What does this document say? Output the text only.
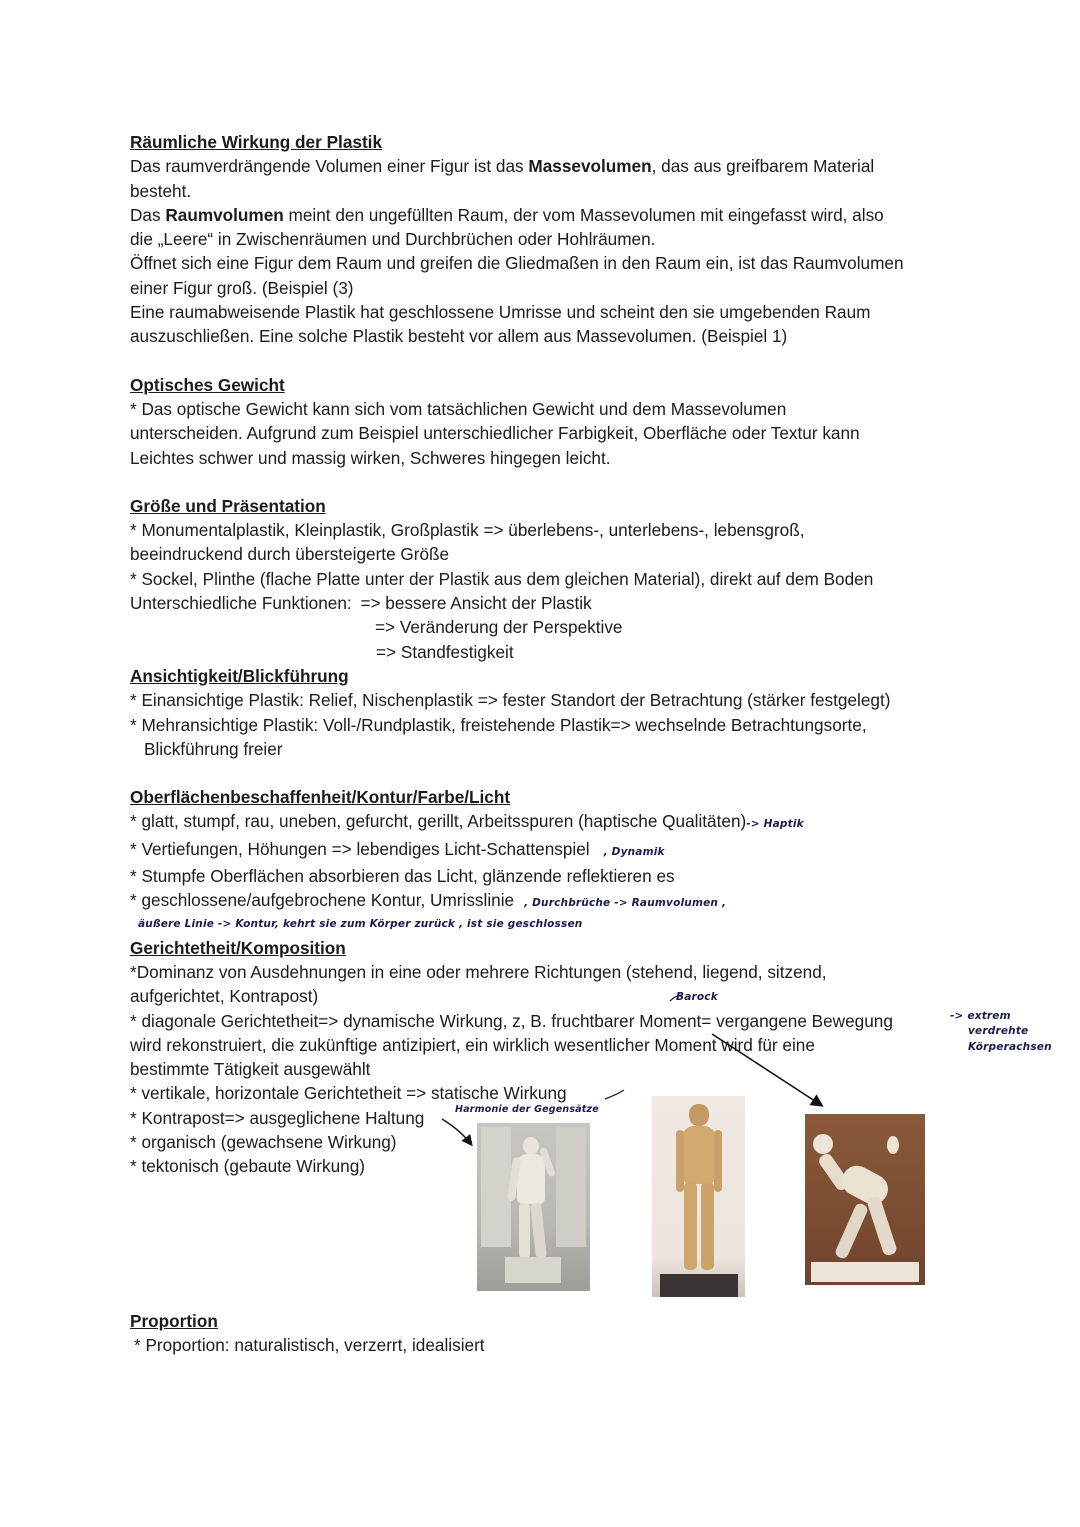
Räumliche Wirkung der Plastik

Das raumverdrängende Volumen einer Figur ist das Massevolumen, das aus greifbarem Material

besteht.

Das Raumvolumen meint den ungefüllten Raum, der vom Massevolumen mit eingefasst wird, also

die „Leere“ in Zwischenräumen und Durchbrüchen oder Hohlräumen.

Öffnet sich eine Figur dem Raum und greifen die Gliedmaßen in den Raum ein, ist das Raumvolumen

einer Figur groß. (Beispiel (3)

Eine raumabweisende Plastik hat geschlossene Umrisse und scheint den sie umgebenden Raum

auszuschließen. Eine solche Plastik besteht vor allem aus Massevolumen. (Beispiel 1)

Optisches Gewicht

* Das optische Gewicht kann sich vom tatsächlichen Gewicht und dem Massevolumen

unterscheiden. Aufgrund zum Beispiel unterschiedlicher Farbigkeit, Oberfläche oder Textur kann

Leichtes schwer und massig wirken, Schweres hingegen leicht.

Größe und Präsentation

* Monumentalplastik, Kleinplastik, Großplastik => überlebens-, unterlebens-, lebensgroß,

beeindruckend durch übersteigerte Größe

* Sockel, Plinthe (flache Platte unter der Plastik aus dem gleichen Material), direkt auf dem Boden

Unterschiedliche Funktionen: => bessere Ansicht der Plastik

=> Veränderung der Perspektive

=> Standfestigkeit

Ansichtigkeit/Blickführung

* Einansichtige Plastik: Relief, Nischenplastik => fester Standort der Betrachtung (stärker festgelegt)

* Mehransichtige Plastik: Voll-/Rundplastik, freistehende Plastik=> wechselnde Betrachtungsorte,

Blickführung freier

Oberflächenbeschaffenheit/Kontur/Farbe/Licht

* glatt, stumpf, rau, uneben, gefurcht, gerillt, Arbeitsspuren (haptische Qualitäten)-> Haptik

* Vertiefungen, Höhungen => lebendiges Licht-Schattenspiel , Dynamik

* Stumpfe Oberflächen absorbieren das Licht, glänzende reflektieren es

* geschlossene/aufgebrochene Kontur, Umrisslinie , Durchbrüche -> Raumvolumen ,

äußere Linie -> Kontur, kehrt sie zum Körper zurück , ist sie geschlossen

Gerichtetheit/Komposition

*Dominanz von Ausdehnungen in eine oder mehrere Richtungen (stehend, liegend, sitzend,

aufgerichtet, Kontrapost)

* diagonale Gerichtetheit=> dynamische Wirkung, z, B. fruchtbarer Moment= vergangene Bewegung

wird rekonstruiert, die zukünftige antizipiert, ein wirklich wesentlicher Moment wird für eine

bestimmte Tätigkeit ausgewählt

* vertikale, horizontale Gerichtetheit => statische Wirkung

* Kontrapost=> ausgeglichene Haltung

* organisch (gewachsene Wirkung)

* tektonisch (gebaute Wirkung)

Proportion

* Proportion: naturalistisch, verzerrt, idealisiert

Barock
-> extrem
verdrehte
Körperachsen
Harmonie der Gegensätze
